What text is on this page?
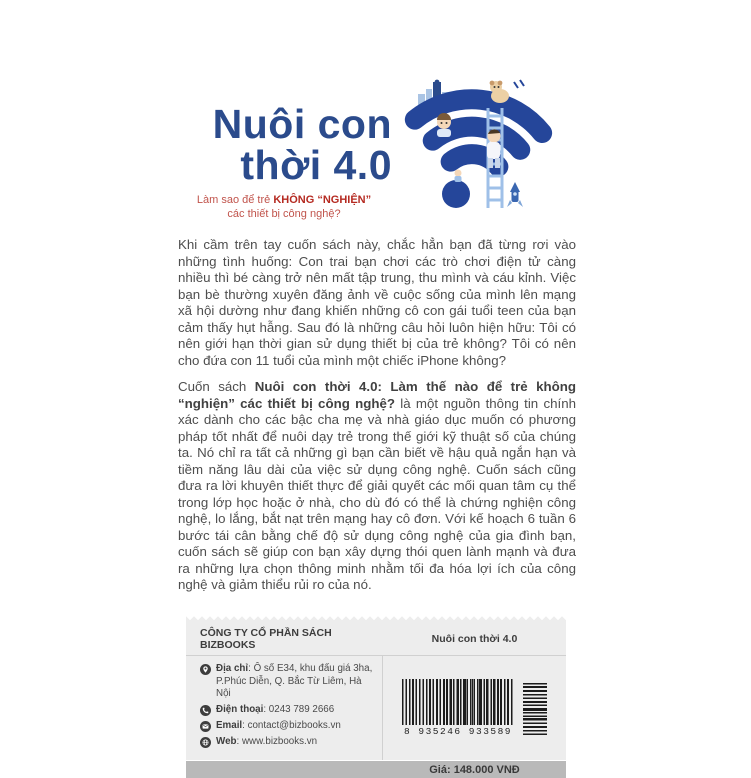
Nuôi con
thời 4.0
Làm sao để trẻ KHÔNG “NGHIỆN”
các thiết bị công nghệ?

Khi cầm trên tay cuốn sách này, chắc hẳn bạn đã từng rơi vào những tình huống: Con trai bạn chơi các trò chơi điện tử càng nhiều thì bé càng trở nên mất tập trung, thu mình và cáu kỉnh. Việc bạn bè thường xuyên đăng ảnh về cuộc sống của mình lên mạng xã hội dường như đang khiến những cô con gái tuổi teen của bạn cảm thấy hụt hẫng. Sau đó là những câu hỏi luôn hiện hữu: Tôi có nên giới hạn thời gian sử dụng thiết bị của trẻ không? Tôi có nên cho đứa con 11 tuổi của mình một chiếc iPhone không?

Cuốn sách Nuôi con thời 4.0: Làm thế nào để trẻ không “nghiện” các thiết bị công nghệ? là một nguồn thông tin chính xác dành cho các bậc cha mẹ và nhà giáo dục muốn có phương pháp tốt nhất để nuôi dạy trẻ trong thế giới kỹ thuật số của chúng ta. Nó chỉ ra tất cả những gì bạn cần biết về hậu quả ngắn hạn và tiềm năng lâu dài của việc sử dụng công nghệ. Cuốn sách cũng đưa ra lời khuyên thiết thực để giải quyết các mối quan tâm cụ thể trong lớp học hoặc ở nhà, cho dù đó có thể là chứng nghiện công nghệ, lo lắng, bắt nạt trên mạng hay cô đơn. Với kế hoạch 6 tuần 6 bước tái cân bằng chế độ sử dụng công nghệ của gia đình bạn, cuốn sách sẽ giúp con bạn xây dựng thói quen lành mạnh và đưa ra những lựa chọn thông minh nhằm tối đa hóa lợi ích của công nghệ và giảm thiểu rủi ro của nó.

CÔNG TY CỔ PHẦN SÁCH BIZBOOKS
Nuôi con thời 4.0
Địa chỉ: Ô số E34, khu đấu giá 3ha, P.Phúc Diễn, Q. Bắc Từ Liêm, Hà Nội
Điện thoại: 0243 789 2666
Email: contact@bizbooks.vn
Web: www.bizbooks.vn
8 935246 933589
Giá: 148.000 VNĐ
